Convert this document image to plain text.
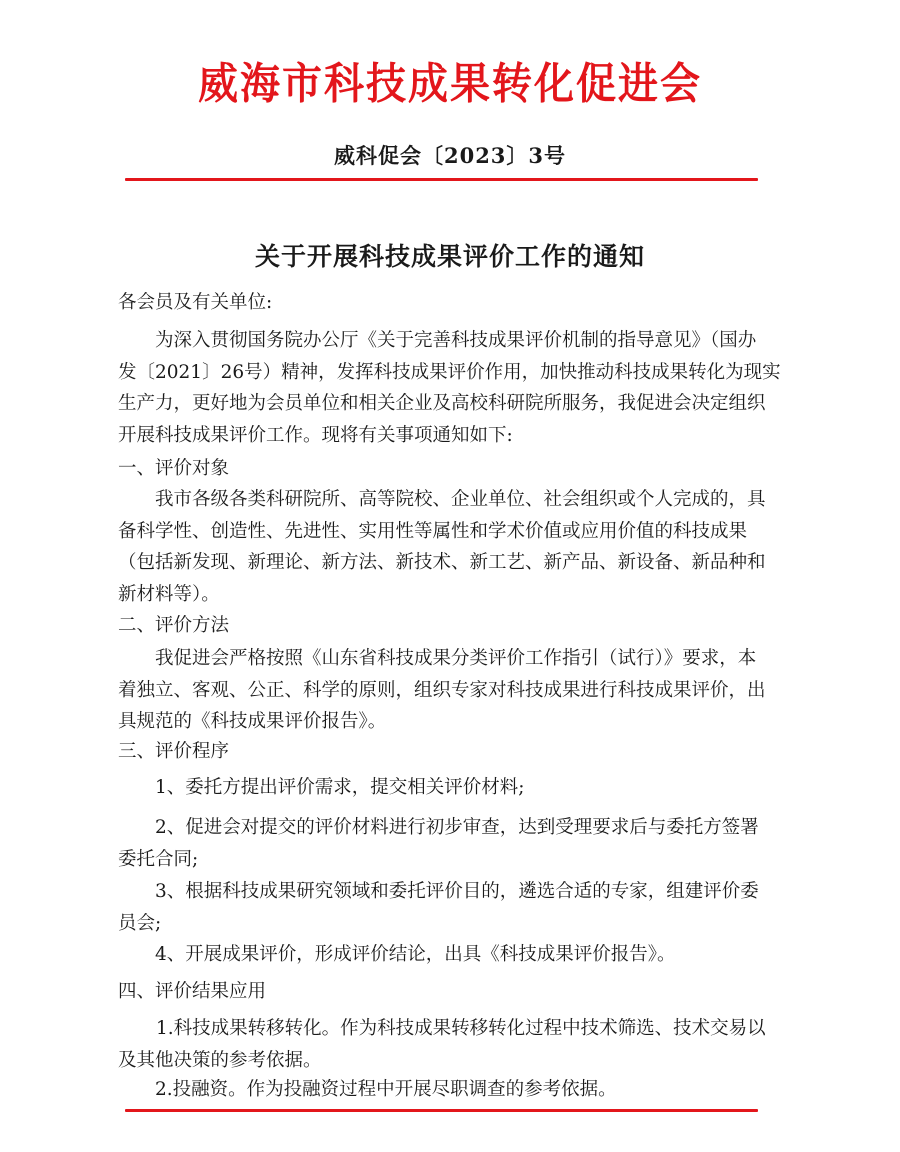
威海市科技成果转化促进会
威科促会〔2023〕3号
关于开展科技成果评价工作的通知
各会员及有关单位:
为深入贯彻国务院办公厅《关于完善科技成果评价机制的指导意见》（国办
发〔2021〕26号）精神，发挥科技成果评价作用，加快推动科技成果转化为现实
生产力，更好地为会员单位和相关企业及高校科研院所服务，我促进会决定组织
开展科技成果评价工作。现将有关事项通知如下:
一、评价对象
我市各级各类科研院所、高等院校、企业单位、社会组织或个人完成的，具
备科学性、创造性、先进性、实用性等属性和学术价值或应用价值的科技成果
（包括新发现、新理论、新方法、新技术、新工艺、新产品、新设备、新品种和
新材料等）。
二、评价方法
我促进会严格按照《山东省科技成果分类评价工作指引（试行）》要求，本
着独立、客观、公正、科学的原则，组织专家对科技成果进行科技成果评价，出
具规范的《科技成果评价报告》。
三、评价程序
1、委托方提出评价需求，提交相关评价材料;
2、促进会对提交的评价材料进行初步审查，达到受理要求后与委托方签署
委托合同;
3、根据科技成果研究领域和委托评价目的，遴选合适的专家，组建评价委
员会;
4、开展成果评价，形成评价结论，出具《科技成果评价报告》。
四、评价结果应用
1.科技成果转移转化。作为科技成果转移转化过程中技术筛选、技术交易以
及其他决策的参考依据。
2.投融资。作为投融资过程中开展尽职调查的参考依据。
